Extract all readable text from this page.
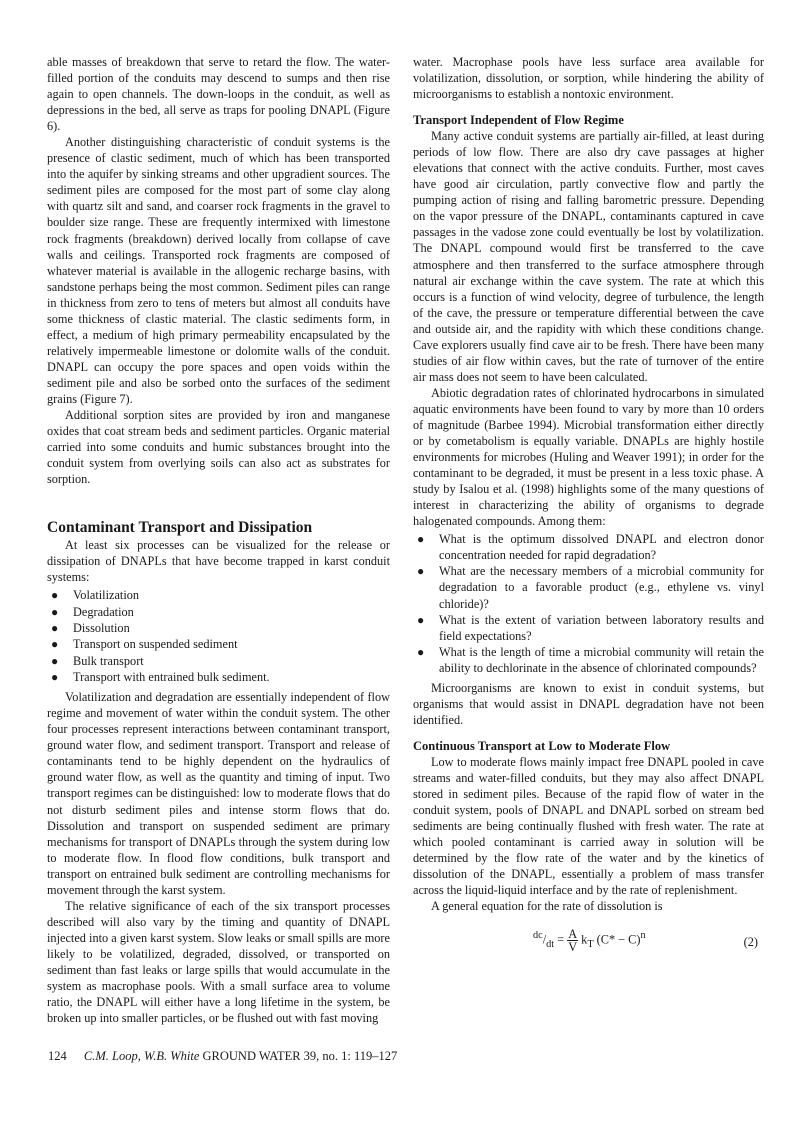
able masses of breakdown that serve to retard the flow. The water-filled portion of the conduits may descend to sumps and then rise again to open channels. The down-loops in the conduit, as well as depressions in the bed, all serve as traps for pooling DNAPL (Figure 6).

Another distinguishing characteristic of conduit systems is the presence of clastic sediment, much of which has been transported into the aquifer by sinking streams and other upgradient sources. The sediment piles are composed for the most part of some clay along with quartz silt and sand, and coarser rock fragments in the gravel to boulder size range. These are frequently intermixed with limestone rock fragments (breakdown) derived locally from collapse of cave walls and ceilings. Transported rock fragments are composed of whatever material is available in the allogenic recharge basins, with sandstone perhaps being the most common. Sediment piles can range in thickness from zero to tens of meters but almost all conduits have some thickness of clastic material. The clastic sediments form, in effect, a medium of high primary permeability encapsulated by the relatively impermeable limestone or dolomite walls of the conduit. DNAPL can occupy the pore spaces and open voids within the sediment pile and also be sorbed onto the surfaces of the sediment grains (Figure 7).

Additional sorption sites are provided by iron and manganese oxides that coat stream beds and sediment particles. Organic material carried into some conduits and humic substances brought into the conduit system from overlying soils can also act as substrates for sorption.

Contaminant Transport and Dissipation

At least six processes can be visualized for the release or dissipation of DNAPLs that have become trapped in karst conduit systems:

● Volatilization
● Degradation
● Dissolution
● Transport on suspended sediment
● Bulk transport
● Transport with entrained bulk sediment.

Volatilization and degradation are essentially independent of flow regime and movement of water within the conduit system. The other four processes represent interactions between contaminant transport, ground water flow, and sediment transport. Transport and release of contaminants tend to be highly dependent on the hydraulics of ground water flow, as well as the quantity and timing of input. Two transport regimes can be distinguished: low to moderate flows that do not disturb sediment piles and intense storm flows that do. Dissolution and transport on suspended sediment are primary mechanisms for transport of DNAPLs through the system during low to moderate flow. In flood flow conditions, bulk transport and transport on entrained bulk sediment are controlling mechanisms for movement through the karst system.

The relative significance of each of the six transport processes described will also vary by the timing and quantity of DNAPL injected into a given karst system. Slow leaks or small spills are more likely to be volatilized, degraded, dissolved, or transported on sediment than fast leaks or large spills that would accumulate in the system as macrophase pools. With a small surface area to volume ratio, the DNAPL will either have a long lifetime in the system, be broken up into smaller particles, or be flushed out with fast moving

water. Macrophase pools have less surface area available for volatilization, dissolution, or sorption, while hindering the ability of microorganisms to establish a nontoxic environment.

Transport Independent of Flow Regime

Many active conduit systems are partially air-filled, at least during periods of low flow. There are also dry cave passages at higher elevations that connect with the active conduits. Further, most caves have good air circulation, partly convective flow and partly the pumping action of rising and falling barometric pressure. Depending on the vapor pressure of the DNAPL, contaminants captured in cave passages in the vadose zone could eventually be lost by volatilization. The DNAPL compound would first be transferred to the cave atmosphere and then transferred to the surface atmosphere through natural air exchange within the cave system. The rate at which this occurs is a function of wind velocity, degree of turbulence, the length of the cave, the pressure or temperature differential between the cave and outside air, and the rapidity with which these conditions change. Cave explorers usually find cave air to be fresh. There have been many studies of air flow within caves, but the rate of turnover of the entire air mass does not seem to have been calculated.

Abiotic degradation rates of chlorinated hydrocarbons in simulated aquatic environments have been found to vary by more than 10 orders of magnitude (Barbee 1994). Microbial transformation either directly or by cometabolism is equally variable. DNAPLs are highly hostile environments for microbes (Huling and Weaver 1991); in order for the contaminant to be degraded, it must be present in a less toxic phase. A study by Isalou et al. (1998) highlights some of the many questions of interest in characterizing the ability of organisms to degrade halogenated compounds. Among them:

● What is the optimum dissolved DNAPL and electron donor concentration needed for rapid degradation?
● What are the necessary members of a microbial community for degradation to a favorable product (e.g., ethylene vs. vinyl chloride)?
● What is the extent of variation between laboratory results and field expectations?
● What is the length of time a microbial community will retain the ability to dechlorinate in the absence of chlorinated compounds?

Microorganisms are known to exist in conduit systems, but organisms that would assist in DNAPL degradation have not been identified.

Continuous Transport at Low to Moderate Flow

Low to moderate flows mainly impact free DNAPL pooled in cave streams and water-filled conduits, but they may also affect DNAPL stored in sediment piles. Because of the rapid flow of water in the conduit system, pools of DNAPL and DNAPL sorbed on stream bed sediments are being continually flushed with fresh water. The rate at which pooled contaminant is carried away in solution will be determined by the flow rate of the water and by the kinetics of dissolution of the DNAPL, essentially a problem of mass transfer across the liquid-liquid interface and by the rate of replenishment.

A general equation for the rate of dissolution is

$^{dc}/_{dt} = \frac{A}{V} k_T$ $(C* - C)^n$	(2)
124 C.M. Loop, W.B. White GROUND WATER 39, no. 1: 119–127
